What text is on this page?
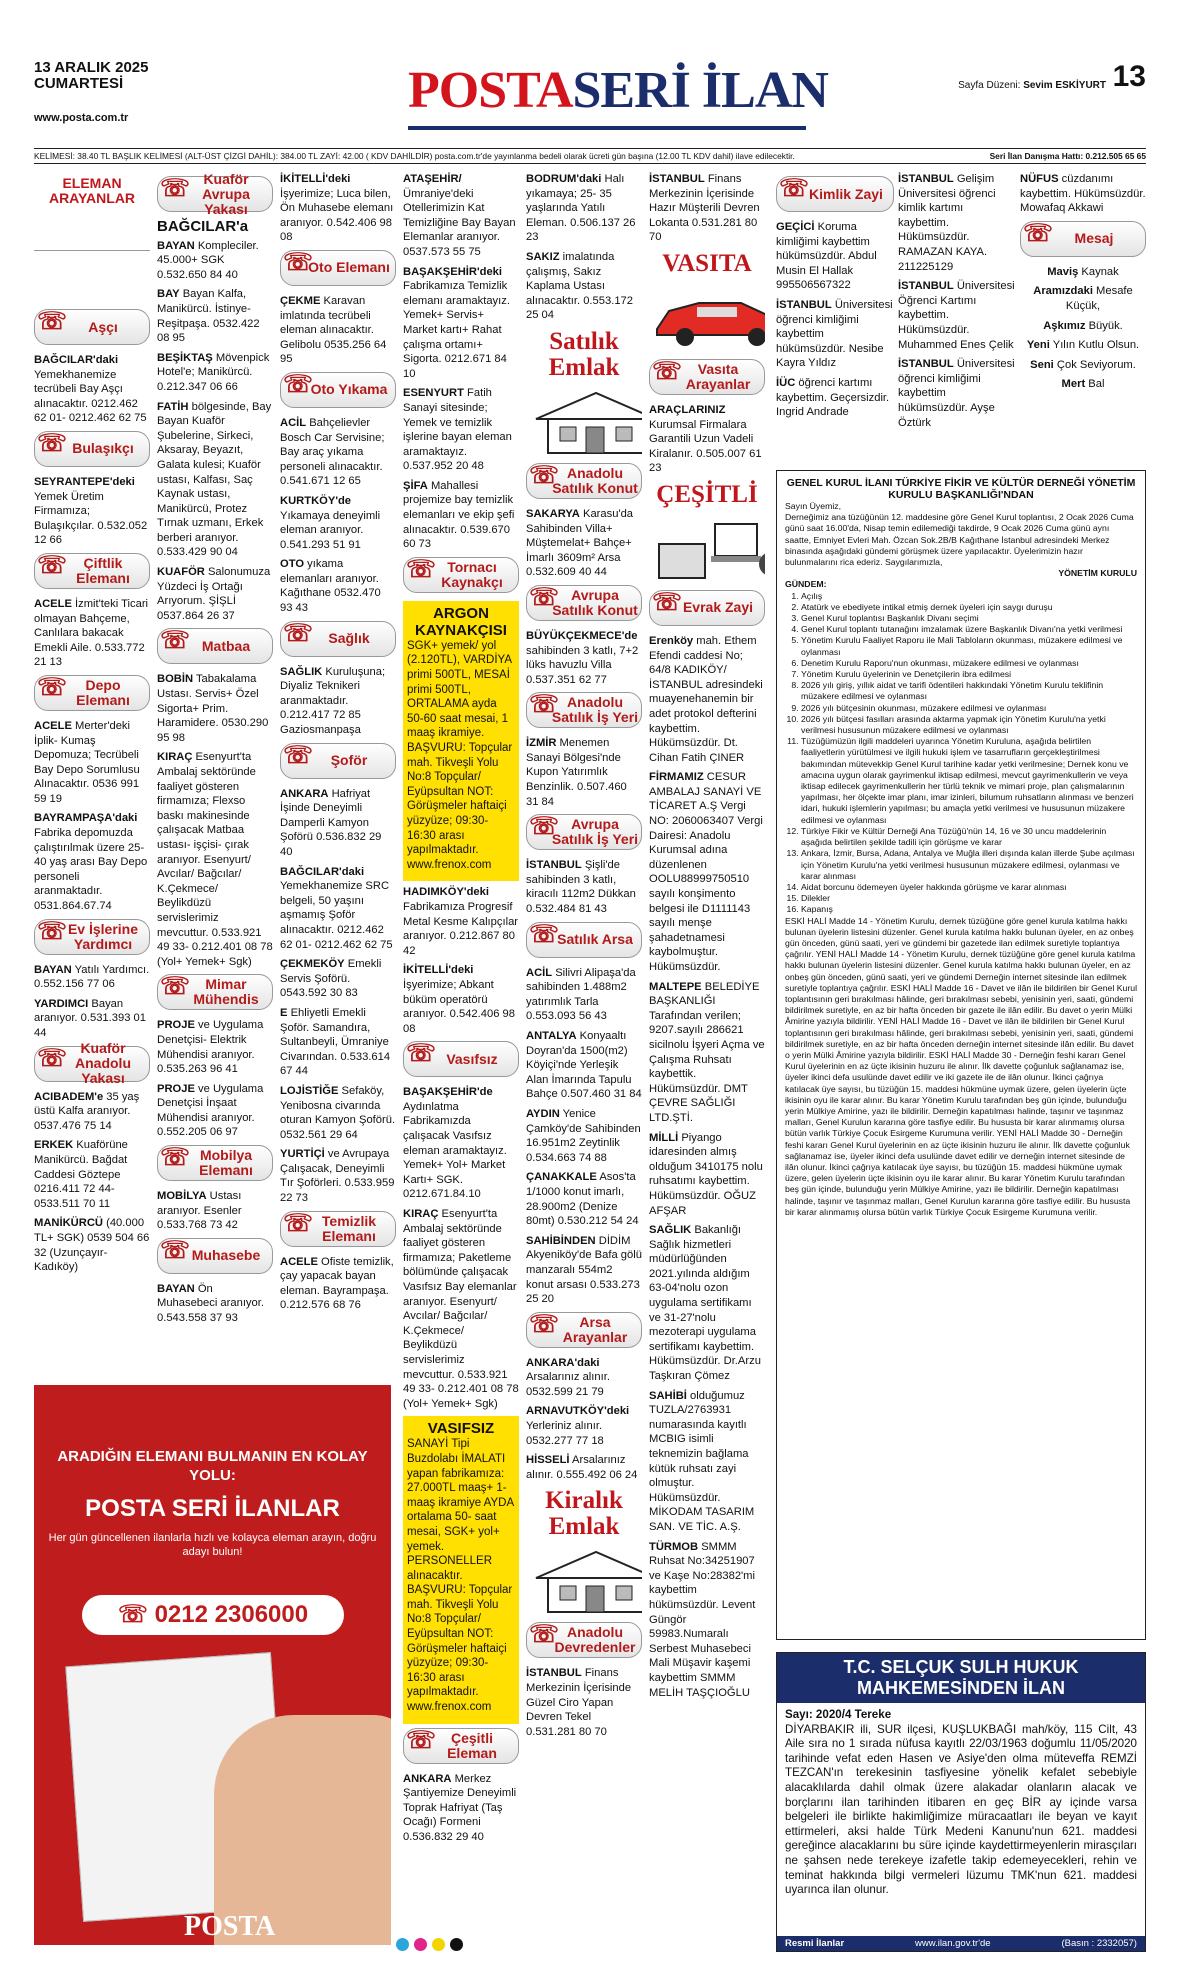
13 ARALIK 2025
CUMARTESİ
www.posta.com.tr	POSTASERİ İLAN	Sayfa Düzeni: Sevim ESKİYURT 13
KELİMESİ: 38.40 TL BAŞLIK KELİMESİ (ALT-ÜST ÇİZGİ DAHİL): 384.00 TL ZAYİ: 42.00 ( KDV DAHİLDİR) posta.com.tr'de yayınlanma bedeli olarak ücreti gün başına (12.00 TL KDV dahil) ilave edilecektir.	Seri İlan Danışma Hattı: 0.212.505 65 65
ELEMAN ARAYANLAR
☏ Aşçı

BAĞCILAR'daki Yemekhanemize tecrübeli Bay Aşçı alınacaktır. 0212.462 62 01- 0212.462 62 75

☏ Bulaşıkçı

SEYRANTEPE'deki Yemek Üretim Firmamıza; Bulaşıkçılar. 0.532.052 12 66

☏ Çiftlik Elemanı

ACELE İzmit'teki Ticari olmayan Bahçeme, Canlılara bakacak Emekli Aile. 0.533.772 21 13

☏ Depo Elemanı

ACELE Merter'deki İplik- Kumaş Depomuza; Tecrübeli Bay Depo Sorumlusu Alınacaktır. 0536 991 59 19

BAYRAMPAŞA'daki Fabrika depomuzda çalıştırılmak üzere 25-40 yaş arası Bay Depo personeli aranmaktadır. 0531.864.67.74

☏ Ev İşlerine Yardımcı

BAYAN Yatılı Yardımcı. 0.552.156 77 06

YARDIMCI Bayan aranıyor. 0.531.393 01 44

☏ Kuaför Anadolu Yakası

ACIBADEM'e 35 yaş üstü Kalfa aranıyor. 0537.476 75 14

ERKEK Kuaförüne Manikürcü. Bağdat Caddesi Göztepe 0216.411 72 44- 0533.511 70 11

MANİKÜRCÜ (40.000 TL+ SGK) 0539 504 66 32 (Uzunçayır- Kadıköy)

☏ Kuaför Avrupa Yakası
BAĞCILAR'a

BAYAN Kompleciler. 45.000+ SGK 0.532.650 84 40

BAY Bayan Kalfa, Manikürcü. İstinye- Reşitpaşa. 0532.422 08 95

BEŞİKTAŞ Mövenpick Hotel'e; Manikürcü. 0.212.347 06 66

FATİH bölgesinde, Bay Bayan Kuaför Şubelerine, Sirkeci, Aksaray, Beyazıt, Galata kulesi; Kuaför ustası, Kalfası, Saç Kaynak ustası, Manikürcü, Protez Tırnak uzmanı, Erkek berberi aranıyor. 0.533.429 90 04

KUAFÖR Salonumuza Yüzdeci İş Ortağı Arıyorum. ŞİŞLİ 0537.864 26 37

☏ Matbaa

BOBİN Tabakalama Ustası. Servis+ Özel Sigorta+ Prim. Haramidere. 0530.290 95 98

KIRAÇ Esenyurt'ta Ambalaj sektöründe faaliyet gösteren firmamıza; Flexso baskı makinesinde çalışacak Matbaa ustası- işçisi- çırak aranıyor. Esenyurt/ Avcılar/ Bağcılar/ K.Çekmece/ Beylikdüzü servislerimiz mevcuttur. 0.533.921 49 33- 0.212.401 08 78 (Yol+ Yemek+ Sgk)

☏ Mimar Mühendis

PROJE ve Uygulama Denetçisi- Elektrik Mühendisi aranıyor. 0.535.263 96 41

PROJE ve Uygulama Denetçisi İnşaat Mühendisi aranıyor. 0.552.205 06 97

☏ Mobilya Elemanı

MOBİLYA Ustası aranıyor. Esenler 0.533.768 73 42

☏ Muhasebe

BAYAN Ön Muhasebeci aranıyor. 0.543.558 37 93

İKİTELLİ'deki İşyerimize; Luca bilen, Ön Muhasebe elemanı aranıyor. 0.542.406 98 08

☏ Oto Elemanı

ÇEKME Karavan imlatında tecrübeli eleman alınacaktır. Gelibolu 0535.256 64 95

☏ Oto Yıkama

ACİL Bahçelievler Bosch Car Servisine; Bay araç yıkama personeli alınacaktır. 0.541.671 12 65

KURTKÖY'de Yıkamaya deneyimli eleman aranıyor. 0.541.293 51 91

OTO yıkama elemanları aranıyor. Kağıthane 0532.470 93 43

☏ Sağlık

SAĞLIK Kuruluşuna; Diyaliz Teknikeri aranmaktadır. 0.212.417 72 85 Gaziosmanpaşa

☏ Şoför

ANKARA Hafriyat İşinde Deneyimli Damperli Kamyon Şoförü 0.536.832 29 40

BAĞCILAR'daki Yemekhanemize SRC belgeli, 50 yaşını aşmamış Şoför alınacaktır. 0212.462 62 01- 0212.462 62 75

ÇEKMEKÖY Emekli Servis Şoförü. 0543.592 30 83

E Ehliyetli Emekli Şoför. Samandıra, Sultanbeyli, Ümraniye Civarından. 0.533.614 67 44

LOJİSTİĞE Sefaköy, Yenibosna civarında oturan Kamyon Şoförü. 0532.561 29 64

YURTİÇİ ve Avrupaya Çalışacak, Deneyimli Tır Şoförleri. 0.533.959 22 73

☏ Temizlik Elemanı

ACELE Ofiste temizlik, çay yapacak bayan eleman. Bayrampaşa. 0.212.576 68 76

ATAŞEHİR/ Ümraniye'deki Otellerimizin Kat Temizliğine Bay Bayan Elemanlar aranıyor. 0537.573 55 75

BAŞAKŞEHİR'deki Fabrikamıza Temizlik elemanı aramaktayız. Yemek+ Servis+ Market kartı+ Rahat çalışma ortamı+ Sigorta. 0212.671 84 10

ESENYURT Fatih Sanayi sitesinde; Yemek ve temizlik işlerine bayan eleman aramaktayız. 0.537.952 20 48

ŞİFA Mahallesi projemize bay temizlik elemanları ve ekip şefi alınacaktır. 0.539.670 60 73

☏ Tornacı Kaynakçı
ARGON KAYNAKÇISI

SGK+ yemek/ yol (2.120TL), VARDİYA primi 500TL, MESAİ primi 500TL, ORTALAMA ayda 50-60 saat mesai, 1 maaş ikramiye. BAŞVURU: Topçular mah. Tikveşli Yolu No:8 Topçular/ Eyüpsultan NOT: Görüşmeler haftaiçi yüzyüze; 09:30- 16:30 arası yapılmaktadır. www.frenox.com

HADIMKÖY'deki Fabrikamıza Progresif Metal Kesme Kalıpçılar aranıyor. 0.212.867 80 42

İKİTELLİ'deki İşyerimize; Abkant büküm operatörü aranıyor. 0.542.406 98 08

☏ Vasıfsız

BAŞAKŞEHİR'de Aydınlatma Fabrikamızda çalışacak Vasıfsız eleman aramaktayız. Yemek+ Yol+ Market Kartı+ SGK. 0212.671.84.10

KIRAÇ Esenyurt'ta Ambalaj sektöründe faaliyet gösteren firmamıza; Paketleme bölümünde çalışacak Vasıfsız Bay elemanlar aranıyor. Esenyurt/ Avcılar/ Bağcılar/ K.Çekmece/ Beylikdüzü servislerimiz mevcuttur. 0.533.921 49 33- 0.212.401 08 78 (Yol+ Yemek+ Sgk)

VASIFSIZ

SANAYİ Tipi Buzdolabı İMALATI yapan fabrikamıza: 27.000TL maaş+ 1-maaş ikramiye AYDA ortalama 50- saat mesai, SGK+ yol+ yemek. PERSONELLER alınacaktır. BAŞVURU: Topçular mah. Tikveşli Yolu No:8 Topçular/ Eyüpsultan NOT: Görüşmeler haftaiçi yüzyüze; 09:30- 16:30 arası yapılmaktadır. www.frenox.com

☏ Çeşitli Eleman

ANKARA Merkez Şantiyemize Deneyimli Toprak Hafriyat (Taş Ocağı) Formeni 0.536.832 29 40

BODRUM'daki Halı yıkamaya; 25- 35 yaşlarında Yatılı Eleman. 0.506.137 26 23

SAKIZ imalatında çalışmış, Sakız Kaplama Ustası alınacaktır. 0.553.172 25 04

Satılık Emlak
☏ Anadolu Satılık Konut

SAKARYA Karasu'da Sahibinden Villa+ Müştemelat+ Bahçe+ İmarlı 3609m² Arsa 0.532.609 40 44

☏ Avrupa Satılık Konut

BÜYÜKÇEKMECE'de sahibinden 3 katlı, 7+2 lüks havuzlu Villa 0.537.351 62 77

☏ Anadolu Satılık İş Yeri

İZMİR Menemen Sanayi Bölgesi'nde Kupon Yatırımlık Benzinlik. 0.507.460 31 84

☏ Avrupa Satılık İş Yeri

İSTANBUL Şişli'de sahibinden 3 katlı, kiracılı 112m2 Dükkan 0.532.484 81 43

☏ Satılık Arsa

ACİL Silivri Alipaşa'da sahibinden 1.488m2 yatırımlık Tarla 0.553.093 56 43

ANTALYA Konyaaltı Doyran'da 1500(m2) Köyiçi'nde Yerleşik Alan İmarında Tapulu Bahçe 0.507.460 31 84

AYDIN Yenice Çamköy'de Sahibinden 16.951m2 Zeytinlik 0.534.663 74 88

ÇANAKKALE Asos'ta 1/1000 konut imarlı, 28.900m2 (Denize 80mt) 0.530.212 54 24

SAHİBİNDEN DİDİM Akyeniköy'de Bafa gölü manzaralı 554m2 konut arsası 0.533.273 25 20

☏ Arsa Arayanlar

ANKARA'daki Arsalarınız alınır. 0532.599 21 79

ARNAVUTKÖY'deki Yerleriniz alınır. 0532.277 77 18

HİSSELİ Arsalarınız alınır. 0.555.492 06 24

Kiralık Emlak
☏ Anadolu Devredenler

İSTANBUL Finans Merkezinin İçerisinde Güzel Ciro Yapan Devren Tekel 0.531.281 80 70

İSTANBUL Finans Merkezinin İçerisinde Hazır Müşterili Devren Lokanta 0.531.281 80 70

VASITA
☏ Vasıta Arayanlar

ARAÇLARINIZ Kurumsal Firmalara Garantili Uzun Vadeli Kiralanır. 0.505.007 61 23

ÇEŞİTLİ
☏ Evrak Zayi

Erenköy mah. Ethem Efendi caddesi No; 64/8 KADIKÖY/ İSTANBUL adresindeki muayenehanemin bir adet protokol defterini kaybettim. Hükümsüzdür. Dt. Cihan Fatih ÇINER

FİRMAMIZ CESUR AMBALAJ SANAYİ VE TİCARET A.Ş Vergi NO: 2060063407 Vergi Dairesi: Anadolu Kurumsal adına düzenlenen OOLU88999750510 sayılı konşimento belgesi ile D1111143 sayılı menşe şahadetnamesi kaybolmuştur. Hükümsüzdür.

MALTEPE BELEDİYE BAŞKANLIĞI Tarafından verilen; 9207.sayılı 286621 sicilnolu İşyeri Açma ve Çalışma Ruhsatı kaybettik. Hükümsüzdür. DMT ÇEVRE SAĞLIĞI LTD.ŞTİ.

MİLLİ Piyango idaresinden almış olduğum 3410175 nolu ruhsatımı kaybettim. Hükümsüzdür. OĞUZ AFŞAR

SAĞLIK Bakanlığı Sağlık hizmetleri müdürlüğünden 2021.yılında aldığım 63-04'nolu ozon uygulama sertifikamı ve 31-27'nolu mezoterapi uygulama sertifikamı kaybettim. Hükümsüzdür. Dr.Arzu Taşkıran Çömez

SAHİBİ olduğumuz TUZLA/2763931 numarasında kayıtlı MCBIG isimli teknemizin bağlama kütük ruhsatı zayi olmuştur. Hükümsüzdür. MİKODAM TASARIM SAN. VE TİC. A.Ş.

TÜRMOB SMMM Ruhsat No:34251907 ve Kaşe No:28382'mi kaybettim hükümsüzdür. Levent Güngör 59983.Numaralı Serbest Muhasebeci Mali Müşavir kaşemi kaybettim SMMM MELİH TAŞÇIOĞLU

☏ Kimlik Zayi

GEÇİCİ Koruma kimliğimi kaybettim hükümsüzdür. Abdul Musin El Hallak 995506567322

İSTANBUL Üniversitesi öğrenci kimliğimi kaybettim hükümsüzdür. Nesibe Kayra Yıldız

İÜC öğrenci kartımı kaybettim. Geçersizdir. Ingrid Andrade

İSTANBUL Gelişim Üniversitesi öğrenci kimlik kartımı kaybettim. Hükümsüzdür. RAMAZAN KAYA. 211225129

İSTANBUL Üniversitesi Öğrenci Kartımı kaybettim. Hükümsüzdür. Muhammed Enes Çelik

İSTANBUL Üniversitesi öğrenci kimliğimi kaybettim hükümsüzdür. Ayşe Öztürk

NÜFUS cüzdanımı kaybettim. Hükümsüzdür. Mowafaq Akkawi

☏ Mesaj

Maviş Kaynak

Aramızdaki Mesafe Küçük,

Aşkımız Büyük.

Yeni Yılın Kutlu Olsun.

Seni Çok Seviyorum.

Mert Bal

GENEL KURUL İLANI TÜRKİYE FİKİR VE KÜLTÜR DERNEĞİ YÖNETİM KURULU BAŞKANLIĞI'NDAN

Sayın Üyemiz,

Derneğimiz ana tüzüğünün 12. maddesine göre Genel Kurul toplantısı, 2 Ocak 2026 Cuma günü saat 16.00'da, Nisap temin edilemediği takdirde, 9 Ocak 2026 Cuma günü aynı saatte, Emniyet Evleri Mah. Özcan Sok.2B/B Kağıthane İstanbul adresindeki Merkez binasında aşağıdaki gündemi görüşmek üzere yapılacaktır. Üyelerimizin hazır bulunmalarını rica ederiz. Saygılarımızla,

YÖNETİM KURULU

GÜNDEM:
1. Açılış
2. Atatürk ve ebediyete intikal etmiş dernek üyeleri için saygı duruşu
3. Genel Kurul toplantısı Başkanlık Divanı seçimi
4. Genel Kurul toplantı tutanağını imzalamak üzere Başkanlık Divanı'na yetki verilmesi
5. Yönetim Kurulu Faaliyet Raporu ile Mali Tabloların okunması, müzakere edilmesi ve oylanması
6. Denetim Kurulu Raporu'nun okunması, müzakere edilmesi ve oylanması
7. Yönetim Kurulu üyelerinin ve Denetçilerin ibra edilmesi
8. 2026 yılı giriş, yıllık aidat ve tarifi ödentileri hakkındaki Yönetim Kurulu teklifinin müzakere edilmesi ve oylanması
9. 2026 yılı bütçesinin okunması, müzakere edilmesi ve oylanması
10. 2026 yılı bütçesi fasılları arasında aktarma yapmak için Yönetim Kurulu'na yetki verilmesi hususunun müzakere edilmesi ve oylanması
11. Tüzüğümüzün ilgili maddeleri uyarınca Yönetim Kuruluna, aşağıda belirtilen faaliyetlerin yürütülmesi ve ilgili hukuki işlem ve tasarrufların gerçekleştirilmesi bakımından mütevekkip Genel Kurul tarihine kadar yetki verilmesine; Dernek konu ve amacına uygun olarak gayrimenkul iktisap edilmesi, mevcut gayrimenkullerin ve veya iktisap edilecek gayrimenkullerin her türlü teknik ve mimari proje, plan çalışmalarının yapılması, her ölçekte imar planı, imar izinleri, bilumum ruhsatların alınması ve benzeri idari, hukuki işlemlerin yapılması; bu amaçla yetki verilmesi ve hususunun müzakere edilmesi ve oylanması
12. Türkiye Fikir ve Kültür Derneği Ana Tüzüğü'nün 14, 16 ve 30 uncu maddelerinin aşağıda belirtilen şekilde tadili için görüşme ve karar
13. Ankara, İzmir, Bursa, Adana, Antalya ve Muğla illeri dışında kalan illerde Şube açılması için Yönetim Kurulu'na yetki verilmesi hususunun müzakere edilmesi, oylanması ve karar alınması
14. Aidat borcunu ödemeyen üyeler hakkında görüşme ve karar alınması
15. Dilekler
16. Kapanış

ESKİ HALİ Madde 14 - Yönetim Kurulu, dernek tüzüğüne göre genel kurula katılma hakkı bulunan üyelerin listesini düzenler. Genel kurula katılma hakkı bulunan üyeler, en az onbeş gün önceden, günü saati, yeri ve gündemi bir gazetede ilan edilmek suretiyle toplantıya çağrılır. YENİ HALİ Madde 14 - Yönetim Kurulu, dernek tüzüğüne göre genel kurula katılma hakkı bulunan üyelerin listesini düzenler. Genel kurula katılma hakkı bulunan üyeler, en az onbeş gün önceden, günü saati, yeri ve gündemi Derneğin internet sitesinde ilan edilmek suretiyle toplantıya çağrılır. ESKİ HALİ Madde 16 - Davet ve ilân ile bildirilen bir Genel Kurul toplantısının geri bırakılması hâlinde, geri bırakılması sebebi, yenisinin yeri, saati, gündemi bildirilmek suretiyle, en az bir hafta önceden bir gazete ile ilân edilir. Bu davet o yerin Mülki Âmirine yazıyla bildirilir. YENİ HALİ Madde 16 - Davet ve ilân ile bildirilen bir Genel Kurul toplantısının geri bırakılması hâlinde, geri bırakılması sebebi, yenisinin yeri, saati, gündemi bildirilmek suretiyle, en az bir hafta önceden derneğin internet sitesinde ilân edilir. Bu davet o yerin Mülki Âmirine yazıyla bildirilir. ESKİ HALİ Madde 30 - Derneğin feshi kararı Genel Kurul üyelerinin en az üçte ikisinin huzuru ile alınır. İlk davette çoğunluk sağlanamaz ise, üyeler ikinci defa usulünde davet edilir ve iki gazete ile de ilân olunur. İkinci çağrıya katılacak üye sayısı, bu tüzüğün 15. maddesi hükmüne uymak üzere, gelen üyelerin üçte ikisinin oyu ile karar alınır. Bu karar Yönetim Kurulu tarafından beş gün içinde, bulunduğu yerin Mülkiye Amirine, yazı ile bildirilir. Derneğin kapatılması halinde, taşınır ve taşınmaz malları, Genel Kurulun kararına göre tasfiye edilir. Bu hususta bir karar alınmamış olursa bütün varlık Türkiye Çocuk Esirgeme Kurumuna verilir. YENİ HALİ Madde 30 - Derneğin feshi kararı Genel Kurul üyelerinin en az üçte ikisinin huzuru ile alınır. İlk davette çoğunluk sağlanamaz ise, üyeler ikinci defa usulünde davet edilir ve derneğin internet sitesinde de ilân olunur. İkinci çağrıya katılacak üye sayısı, bu tüzüğün 15. maddesi hükmüne uymak üzere, gelen üyelerin üçte ikisinin oyu ile karar alınır. Bu karar Yönetim Kurulu tarafından beş gün içinde, bulunduğu yerin Mülkiye Amirine, yazı ile bildirilir. Derneğin kapatılması halinde, taşınır ve taşınmaz malları, Genel Kurulun kararına göre tasfiye edilir. Bu hususta bir karar alınmamış olursa bütün varlık Türkiye Çocuk Esirgeme Kurumuna verilir.

T.C. SELÇUK SULH HUKUK MAHKEMESİNDEN İLAN
Sayı: 2020/4 Tereke

DİYARBAKIR ili, SUR ilçesi, KUŞLUKBAĞI mah/köy, 115 Cilt, 43 Aile sıra no 1 sırada nüfusa kayıtlı 22/03/1963 doğumlu 11/05/2020 tarihinde vefat eden Hasen ve Asiye'den olma müteveffa REMZİ TEZCAN'ın terekesinin tasfiyesine yönelik kefalet sebebiyle alacaklılarda dahil olmak üzere alakadar olanların alacak ve borçlarını ilan tarihinden itibaren en geç BİR ay içinde varsa belgeleri ile birlikte hakimliğimize müracaatları ile beyan ve kayıt ettirmeleri, aksi halde Türk Medeni Kanunu'nun 621. maddesi gereğince alacaklarını bu süre içinde kaydettirmeyenlerin mirasçıları ne şahsen nede terekeye izafetle takip edemeyecekleri, rehin ve teminat hakkında bilgi vermeleri lüzumu TMK'nun 621. maddesi uyarınca ilan olunur.

Resmi İlanlar	www.ilan.gov.tr'de	(Basın : 2332057)
ARADIĞIN ELEMANI BULMANIN EN KOLAY YOLU:
POSTA SERİ İLANLAR
Her gün güncellenen ilanlarla hızlı ve kolayca eleman arayın, doğru adayı bulun!
☏ 0212 2306000
POSTA
